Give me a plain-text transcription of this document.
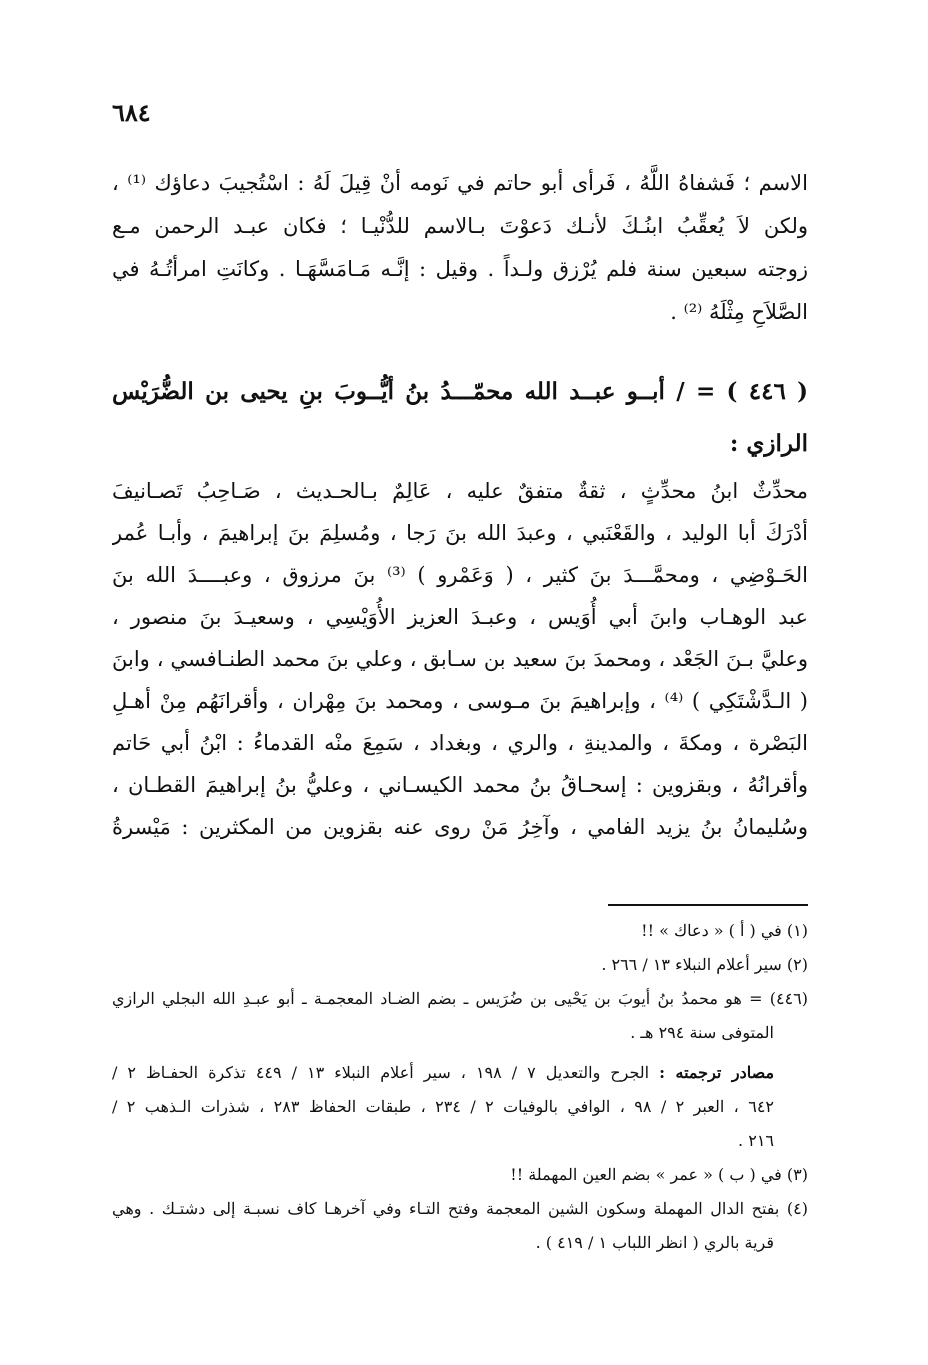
٦٨٤
الاسم ؛ فَشفاهُ اللَّهُ ، فَرأى أبو حاتم في نَومه أنْ قِيلَ لَهُ : اسْتُجيبَ دعاؤك ⁽¹⁾ ،
ولكن لاَ يُعقِّبُ ابنُـكَ لأنـك دَعوْتَ بـالاسم للدُّنْيـا ؛ فكان عبـد الرحمن مـع
زوجته سبعين سنة فلم يُرْزق ولـداً . وقيل : إنَّـه مَـامَسَّهَـا . وكانَتِ امرأتُـهُ في
الصَّلاَحِ مِثْلَهُ ⁽²⁾ .
( ٤٤٦ ) = / أبــو عبــد الله محمّـــدُ بنُ أيُّــوبَ بنِ يحيى بن الضُّرَيْس
الرازي :
محدِّثٌ ابنُ محدِّثٍ ، ثقةٌ متفقٌ عليه ، عَالِمٌ بـالحـديث ، صَـاحِبُ تَصـانيفَ
أدْرَكَ أبا الوليد ، والقَعْنَبي ، وعبدَ الله بنَ رَجا ، ومُسلِمَ بنَ إبراهيمَ ، وأبـا عُمر
الحَـوْضِي ، ومحمَّـــدَ بنَ كثير ، ( وَعَمْرو ) ⁽³⁾ بنَ مرزوق ، وعبــــدَ الله بنَ
عبد الوهـاب وابنَ أبي أُوَيس ، وعبـدَ العزيز الأُوَيْسِي ، وسعيـدَ بنَ منصور ،
وعليَّ بـنَ الجَعْد ، ومحمدَ بنَ سعيد بن سـابق ، وعلي بنَ محمد الطنـافسي ، وابنَ
( الـدَّشْتَكِي ) ⁽⁴⁾ ، وإبراهيمَ بنَ مـوسى ، ومحمد بنَ مِهْران ، وأقرانَهُم مِنْ أهـلِ
البَصْرة ، ومكةَ ، والمدينةِ ، والري ، وبغداد ، سَمِعَ منْه القدماءُ : ابْنُ أبي حَاتم
وأقرانُهُ ، وبقزوين : إسحـاقُ بنُ محمد الكيسـاني ، وعليُّ بنُ إبراهيمَ القطـان ،
وسُليمانُ بنُ يزيد الفامي ، وآخِرُ مَنْ روى عنه بقزوين من المكثرين : مَيْسرةُ
(١) في ( أ ) « دعاك » !!
(٢) سير أعلام النبلاء ١٣ / ٢٦٦ .
(٤٤٦) = هو محمدُ بنُ أيوبَ بن يَحْيى بن ضُرَيس ـ بضم الضـاد المعجمـة ـ أبو عبـدِ الله البجلي الرازي
المتوفى سنة ٢٩٤ هـ .
مصادر ترجمته : الجرح والتعديل ٧ / ١٩٨ ، سير أعلام النبلاء ١٣ / ٤٤٩ تذكرة الحفـاظ ٢ /
٦٤٢ ، العبر ٢ / ٩٨ ، الوافي بالوفيات ٢ / ٢٣٤ ، طبقات الحفاظ ٢٨٣ ، شذرات الـذهب ٢ /
٢١٦ .
(٣) في ( ب ) « عمر » بضم العين المهملة !!
(٤) بفتح الدال المهملة وسكون الشين المعجمة وفتح التـاء وفي آخرهـا كاف نسبـة إلى دشتـك . وهي
قرية بالري ( انظر اللباب ١ / ٤١٩ ) .
